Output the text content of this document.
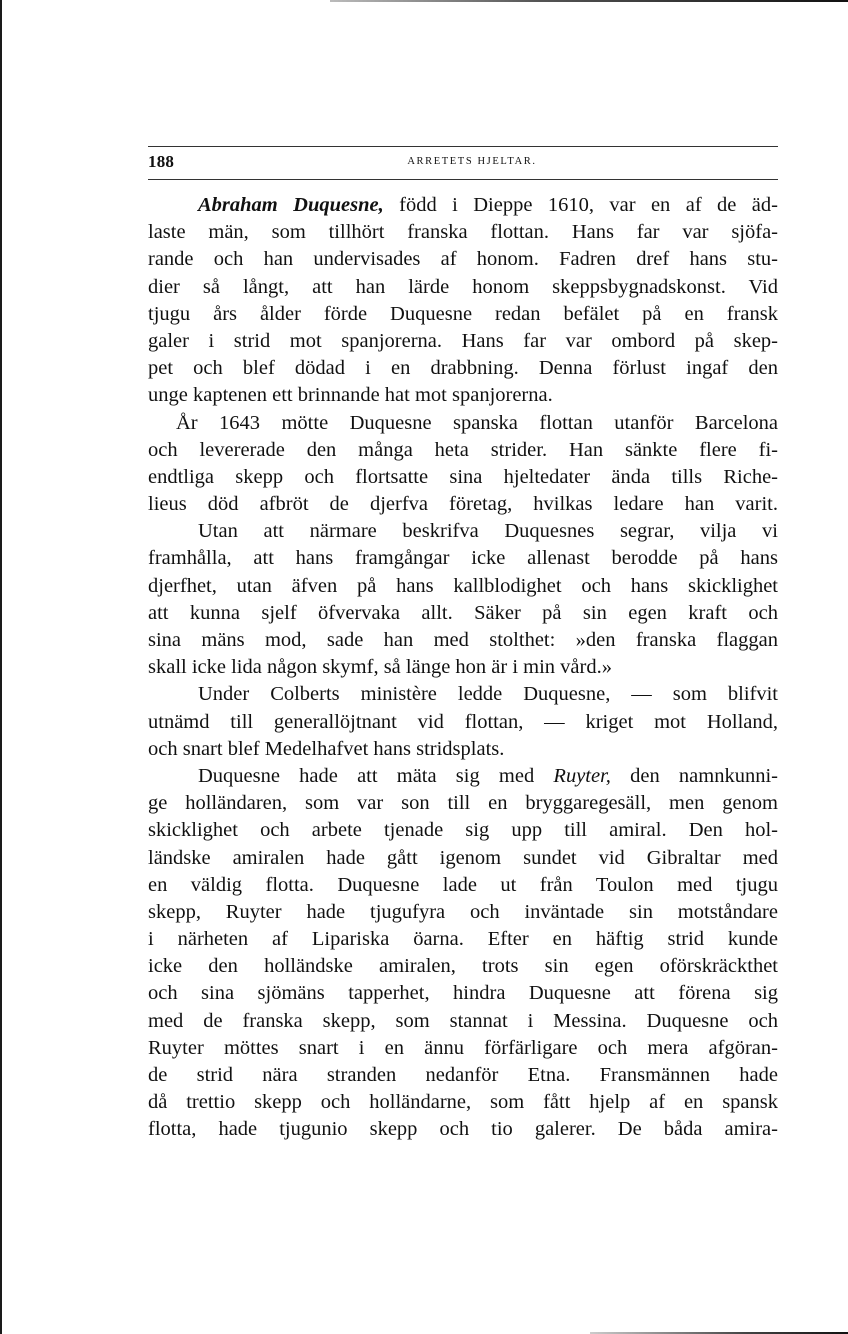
188	ARRETETS HJELTAR.
Abraham Duquesne, född i Dieppe 1610, var en af de äd-
laste män, som tillhört franska flottan. Hans far var sjöfa-
rande och han undervisades af honom. Fadren dref hans stu-
dier så långt, att han lärde honom skeppsbygnadskonst. Vid
tjugu års ålder förde Duquesne redan befälet på en fransk
galer i strid mot spanjorerna. Hans far var ombord på skep-
pet och blef dödad i en drabbning. Denna förlust ingaf den
unge kaptenen ett brinnande hat mot spanjorerna.
År 1643 mötte Duquesne spanska flottan utanför Barcelona
och levererade den många heta strider. Han sänkte flere fi-
endtliga skepp och flortsatte sina hjeltedater ända tills Riche-
lieus död afbröt de djerfva företag, hvilkas ledare han varit.
Utan att närmare beskrifva Duquesnes segrar, vilja vi
framhålla, att hans framgångar icke allenast berodde på hans
djerfhet, utan äfven på hans kallblodighet och hans skicklighet
att kunna sjelf öfvervaka allt. Säker på sin egen kraft och
sina mäns mod, sade han med stolthet: »den franska flaggan
skall icke lida någon skymf, så länge hon är i min vård.»
Under Colberts ministère ledde Duquesne, — som blifvit
utnämd till generallöjtnant vid flottan, — kriget mot Holland,
och snart blef Medelhafvet hans stridsplats.
Duquesne hade att mäta sig med Ruyter, den namnkunni-
ge holländaren, som var son till en bryggaregesäll, men genom
skicklighet och arbete tjenade sig upp till amiral. Den hol-
ländske amiralen hade gått igenom sundet vid Gibraltar med
en väldig flotta. Duquesne lade ut från Toulon med tjugu
skepp, Ruyter hade tjugufyra och inväntade sin motståndare
i närheten af Lipariska öarna. Efter en häftig strid kunde
icke den holländske amiralen, trots sin egen oförskräckthet
och sina sjömäns tapperhet, hindra Duquesne att förena sig
med de franska skepp, som stannat i Messina. Duquesne och
Ruyter möttes snart i en ännu förfärligare och mera afgöran-
de strid nära stranden nedanför Etna. Fransmännen hade
då trettio skepp och holländarne, som fått hjelp af en spansk
flotta, hade tjugunio skepp och tio galerer. De båda amira-
